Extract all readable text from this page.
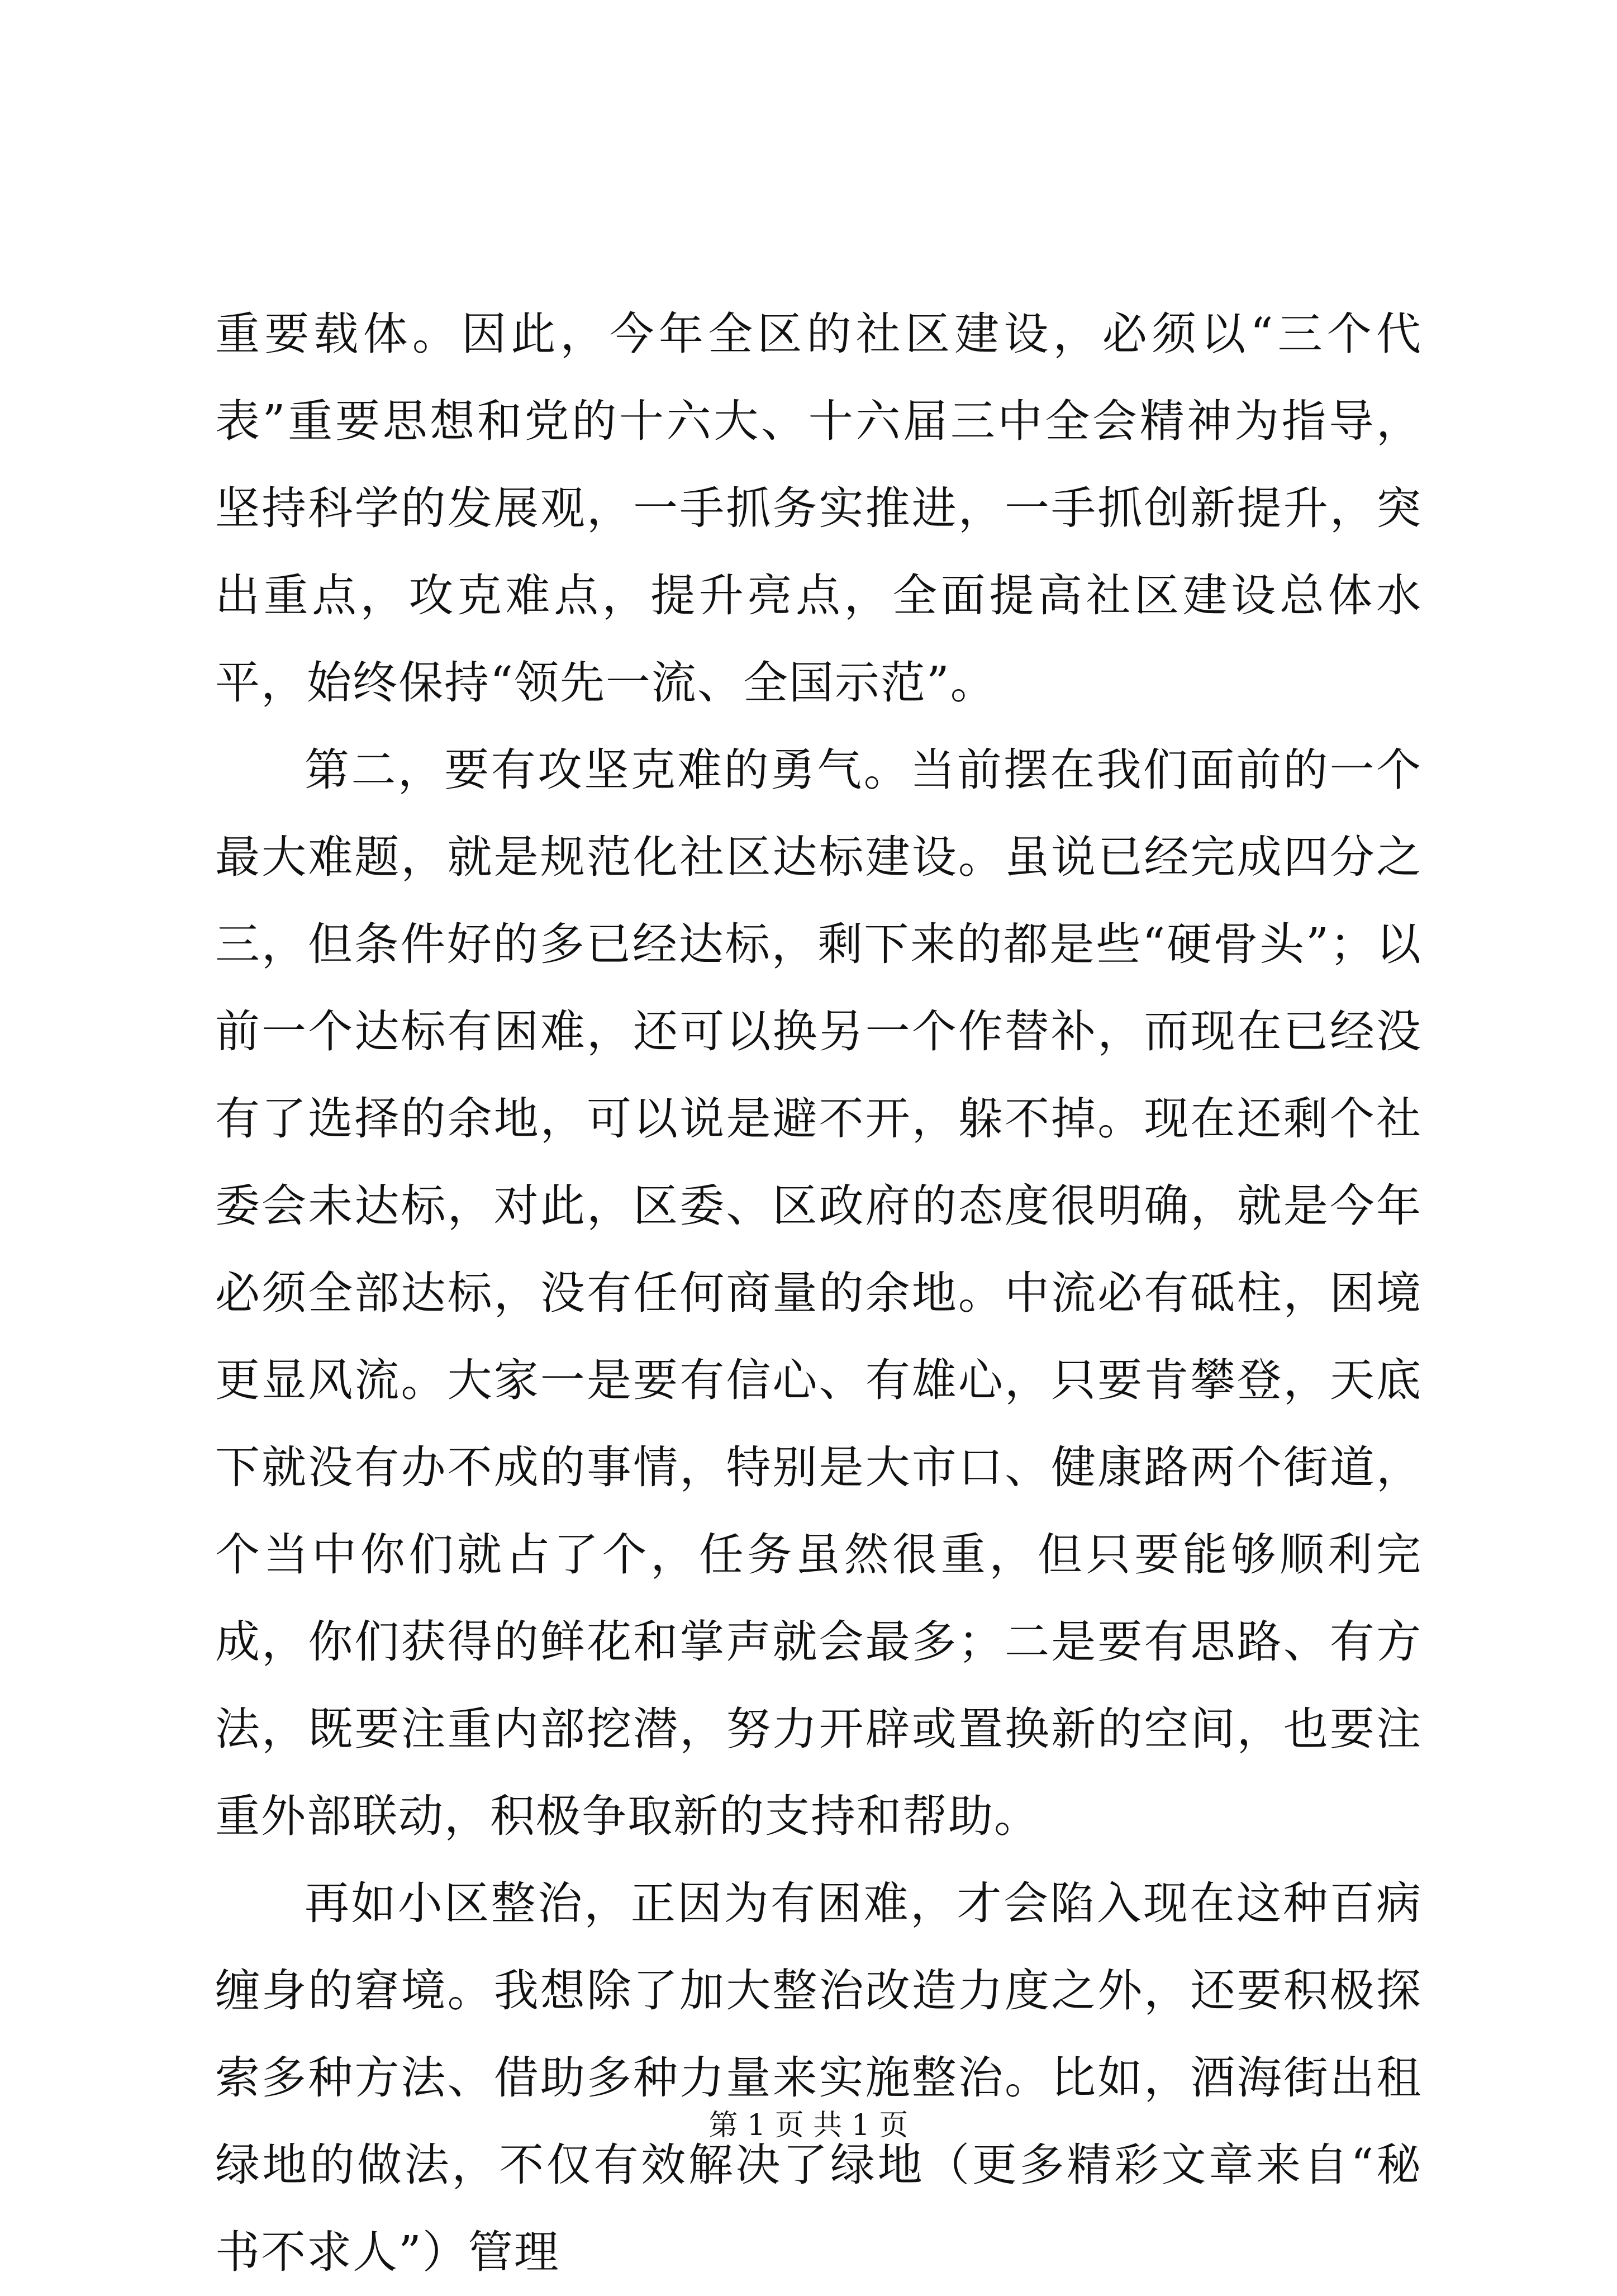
重要载体。因此，今年全区的社区建设，必须以“三个代表”重要思想和党的十六大、十六届三中全会精神为指导，坚持科学的发展观，一手抓务实推进，一手抓创新提升，突出重点，攻克难点，提升亮点，全面提高社区建设总体水平，始终保持“领先一流、全国示范”。

第二，要有攻坚克难的勇气。当前摆在我们面前的一个最大难题，就是规范化社区达标建设。虽说已经完成四分之三，但条件好的多已经达标，剩下来的都是些“硬骨头”；以前一个达标有困难，还可以换另一个作替补，而现在已经没有了选择的余地，可以说是避不开，躲不掉。现在还剩个社委会未达标，对此，区委、区政府的态度很明确，就是今年必须全部达标，没有任何商量的余地。中流必有砥柱，困境更显风流。大家一是要有信心、有雄心，只要肯攀登，天底下就没有办不成的事情，特别是大市口、健康路两个街道，个当中你们就占了个，任务虽然很重，但只要能够顺利完成，你们获得的鲜花和掌声就会最多；二是要有思路、有方法，既要注重内部挖潜，努力开辟或置换新的空间，也要注重外部联动，积极争取新的支持和帮助。

再如小区整治，正因为有困难，才会陷入现在这种百病缠身的窘境。我想除了加大整治改造力度之外，还要积极探索多种方法、借助多种力量来实施整治。比如，酒海街出租绿地的做法，不仅有效解决了绿地（更多精彩文章来自“秘书不求人”）管理

第 1 页 共 1 页
